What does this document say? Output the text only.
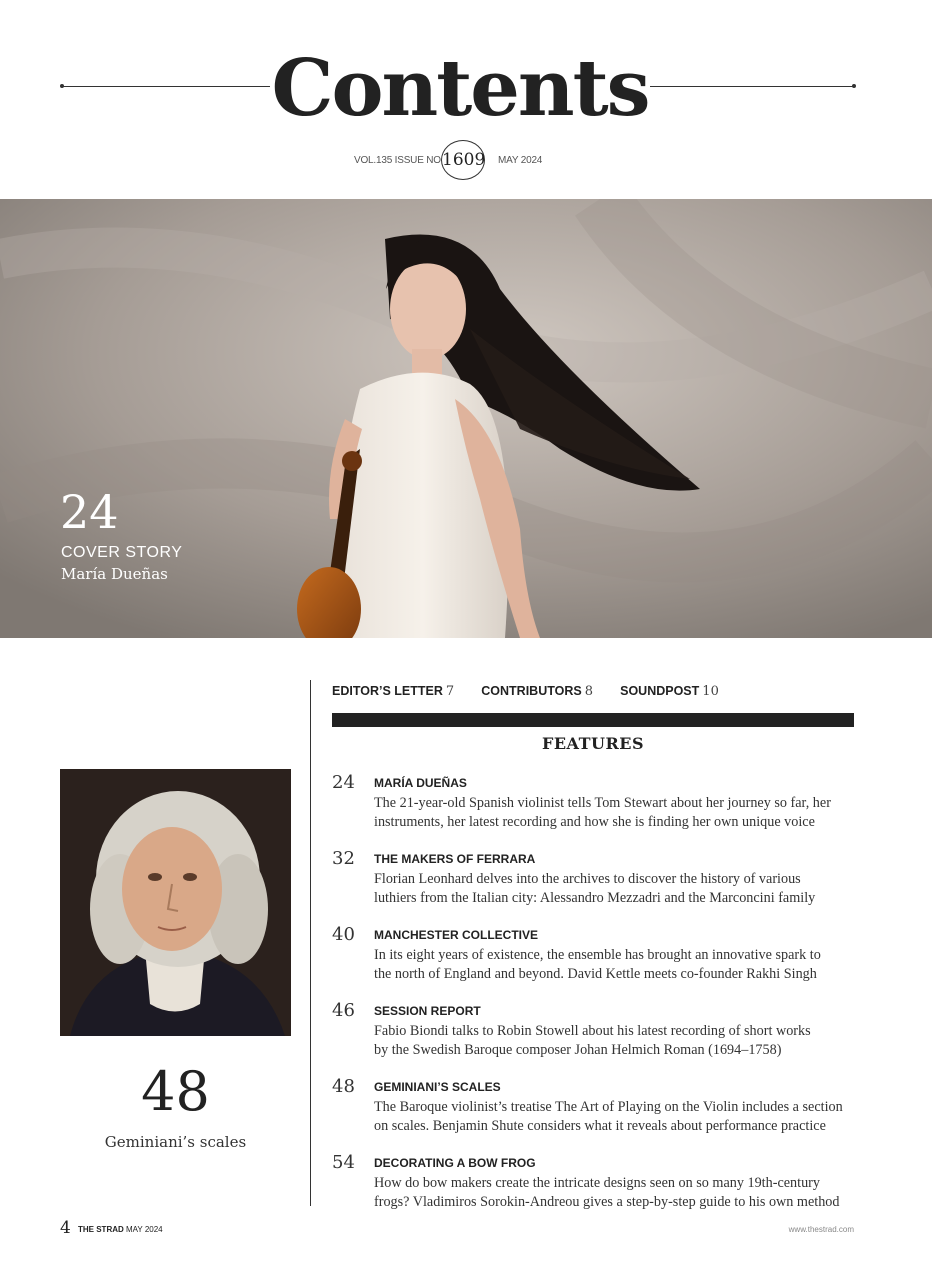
Contents
VOL.135 ISSUE NO 1609 MAY 2024
24
COVER STORY
María Dueñas
48
Geminiani’s scales
EDITOR’S LETTER 7 CONTRIBUTORS 8 SOUNDPOST 10
FEATURES
24 MARÍA DUEÑAS
The 21-year-old Spanish violinist tells Tom Stewart about her journey so far, her
instruments, her latest recording and how she is finding her own unique voice
32 THE MAKERS OF FERRARA
Florian Leonhard delves into the archives to discover the history of various
luthiers from the Italian city: Alessandro Mezzadri and the Marconcini family
40 MANCHESTER COLLECTIVE
In its eight years of existence, the ensemble has brought an innovative spark to
the north of England and beyond. David Kettle meets co-founder Rakhi Singh
46 SESSION REPORT
Fabio Biondi talks to Robin Stowell about his latest recording of short works
by the Swedish Baroque composer Johan Helmich Roman (1694–1758)
48 GEMINIANI’S SCALES
The Baroque violinist’s treatise The Art of Playing on the Violin includes a section
on scales. Benjamin Shute considers what it reveals about performance practice
54 DECORATING A BOW FROG
How do bow makers create the intricate designs seen on so many 19th-century
frogs? Vladimiros Sorokin-Andreou gives a step-by-step guide to his own method
4 THE STRAD MAY 2024	www.thestrad.com
